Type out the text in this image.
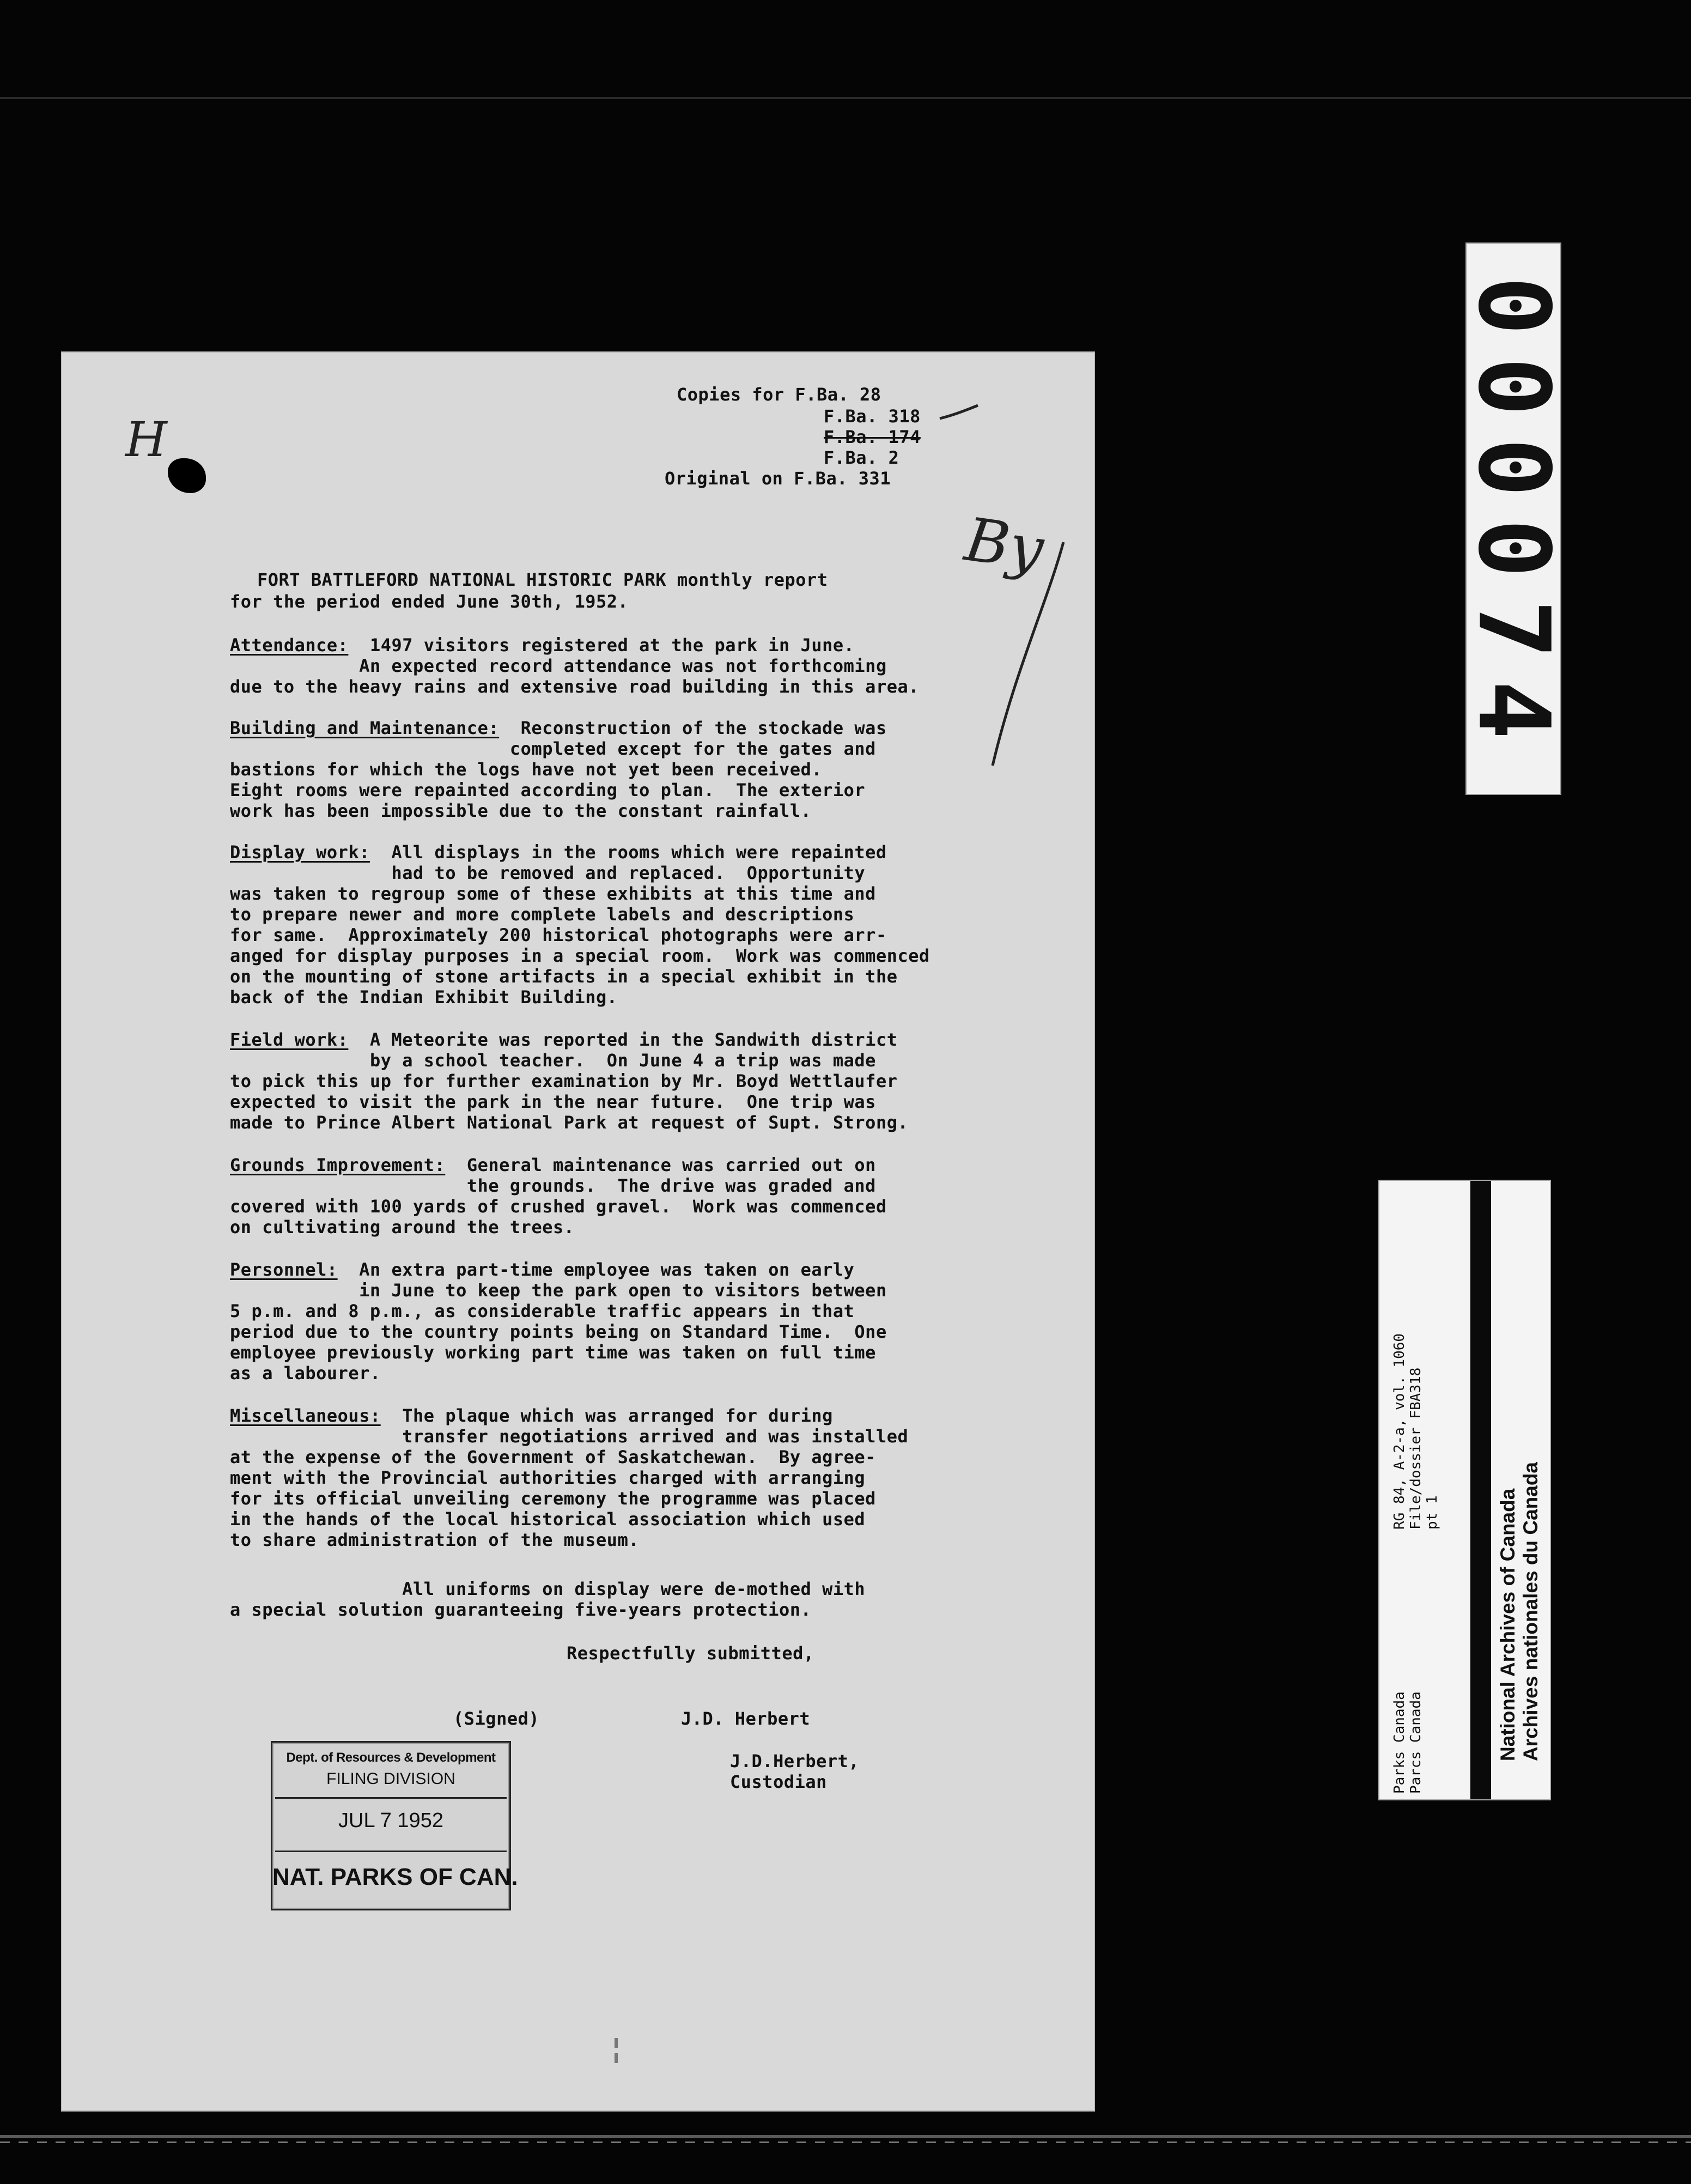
H
By

Copies for F.Ba. 28

F.Ba. 318

F.Ba. 174

F.Ba. 2

Original on F.Ba. 331

FORT BATTLEFORD NATIONAL HISTORIC PARK monthly report

for the period ended June 30th, 1952.

Attendance:  1497 visitors registered at the park in June.

An expected record attendance was not forthcoming

due to the heavy rains and extensive road building in this area.

Building and Maintenance:  Reconstruction of the stockade was

completed except for the gates and

bastions for which the logs have not yet been received.

Eight rooms were repainted according to plan.  The exterior

work has been impossible due to the constant rainfall.

Display work:  All displays in the rooms which were repainted

had to be removed and replaced.  Opportunity

was taken to regroup some of these exhibits at this time and

to prepare newer and more complete labels and descriptions

for same.  Approximately 200 historical photographs were arr-

anged for display purposes in a special room.  Work was commenced

on the mounting of stone artifacts in a special exhibit in the

back of the Indian Exhibit Building.

Field work:  A Meteorite was reported in the Sandwith district

by a school teacher.  On June 4 a trip was made

to pick this up for further examination by Mr. Boyd Wettlaufer

expected to visit the park in the near future.  One trip was

made to Prince Albert National Park at request of Supt. Strong.

Grounds Improvement:  General maintenance was carried out on

the grounds.  The drive was graded and

covered with 100 yards of crushed gravel.  Work was commenced

on cultivating around the trees.

Personnel:  An extra part-time employee was taken on early

in June to keep the park open to visitors between

5 p.m. and 8 p.m., as considerable traffic appears in that

period due to the country points being on Standard Time.  One

employee previously working part time was taken on full time

as a labourer.

Miscellaneous:  The plaque which was arranged for during

transfer negotiations arrived and was installed

at the expense of the Government of Saskatchewan.  By agree-

ment with the Provincial authorities charged with arranging

for its official unveiling ceremony the programme was placed

in the hands of the local historical association which used

to share administration of the museum.

All uniforms on display were de-mothed with

a special solution guaranteeing five-years protection.

Respectfully submitted,

(Signed)	J.D. Herbert

J.D.Herbert,

Custodian

Dept. of Resources & Development
FILING DIVISION
JUL 7 1952
NAT. PARKS OF CAN.
000074
RG 84, A-2-a, vol. 1060 File/dossier FBA318 pt 1
Parks Canada Parcs Canada	National Archives of Canada Archives nationales du Canada
